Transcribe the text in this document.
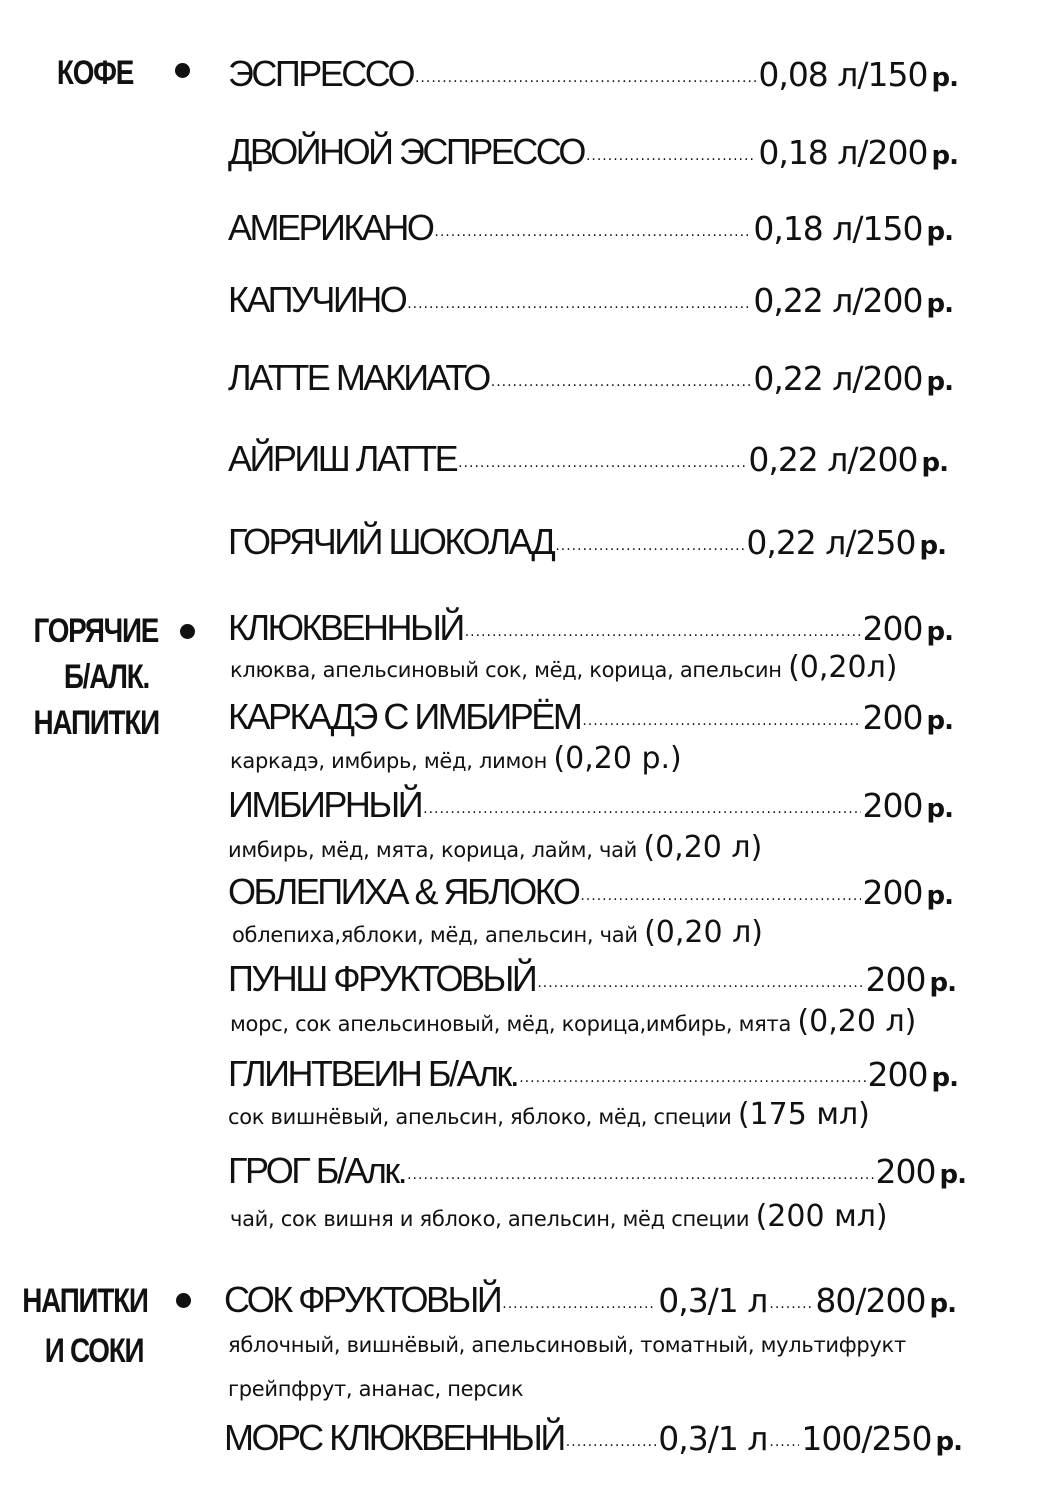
КОФЕ
ГОРЯЧИЕ
Б/АЛК.
НАПИТКИ
НАПИТКИ
И СОКИ
ЭСПРЕССО .....	0,08 л/150 р.
ДВОЙНОЙ ЭСПРЕССО .....	0,18 л/200 р.
АМЕРИКАНО .....	0,18 л/150 р.
КАПУЧИНО .....	0,22 л/200 р.
ЛАТТЕ МАКИАТО .....	0,22 л/200 р.
АЙРИШ ЛАТТЕ .....	0,22 л/200 р.
ГОРЯЧИЙ ШОКОЛАД .....	0,22 л/250 р.
КЛЮКВЕННЫЙ .....	200 р.
клюква, апельсиновый сок, мёд, корица, апельсин (0,20л)
КАРКАДЭ С ИМБИРЁМ .....	200 р.
каркадэ, имбирь, мёд, лимон (0,20 р.)
ИМБИРНЫЙ .....	200 р.
имбирь, мёд, мята, корица, лайм, чай (0,20 л)
ОБЛЕПИХА & ЯБЛОКО .....	200 р.
облепиха,яблоки, мёд, апельсин, чай (0,20 л)
ПУНШ ФРУКТОВЫЙ .....	200 р.
морс, сок апельсиновый, мёд, корица,имбирь, мята (0,20 л)
ГЛИНТВЕИН Б/Алк. .....	200 р.
сок вишнёвый, апельсин, яблоко, мёд, специи (175 мл)
ГРОГ Б/Алк. .....	200 р.
чай, сок вишня и яблоко, апельсин, мёд специи (200 мл)
СОК ФРУКТОВЫЙ .....	0,3/1 л ..... 80/200 р.
яблочный, вишнёвый, апельсиновый, томатный, мультифрукт
грейпфрут, ананас, персик
МОРС КЛЮКВЕННЫЙ .....	0,3/1 л ..... 100/250 р.
